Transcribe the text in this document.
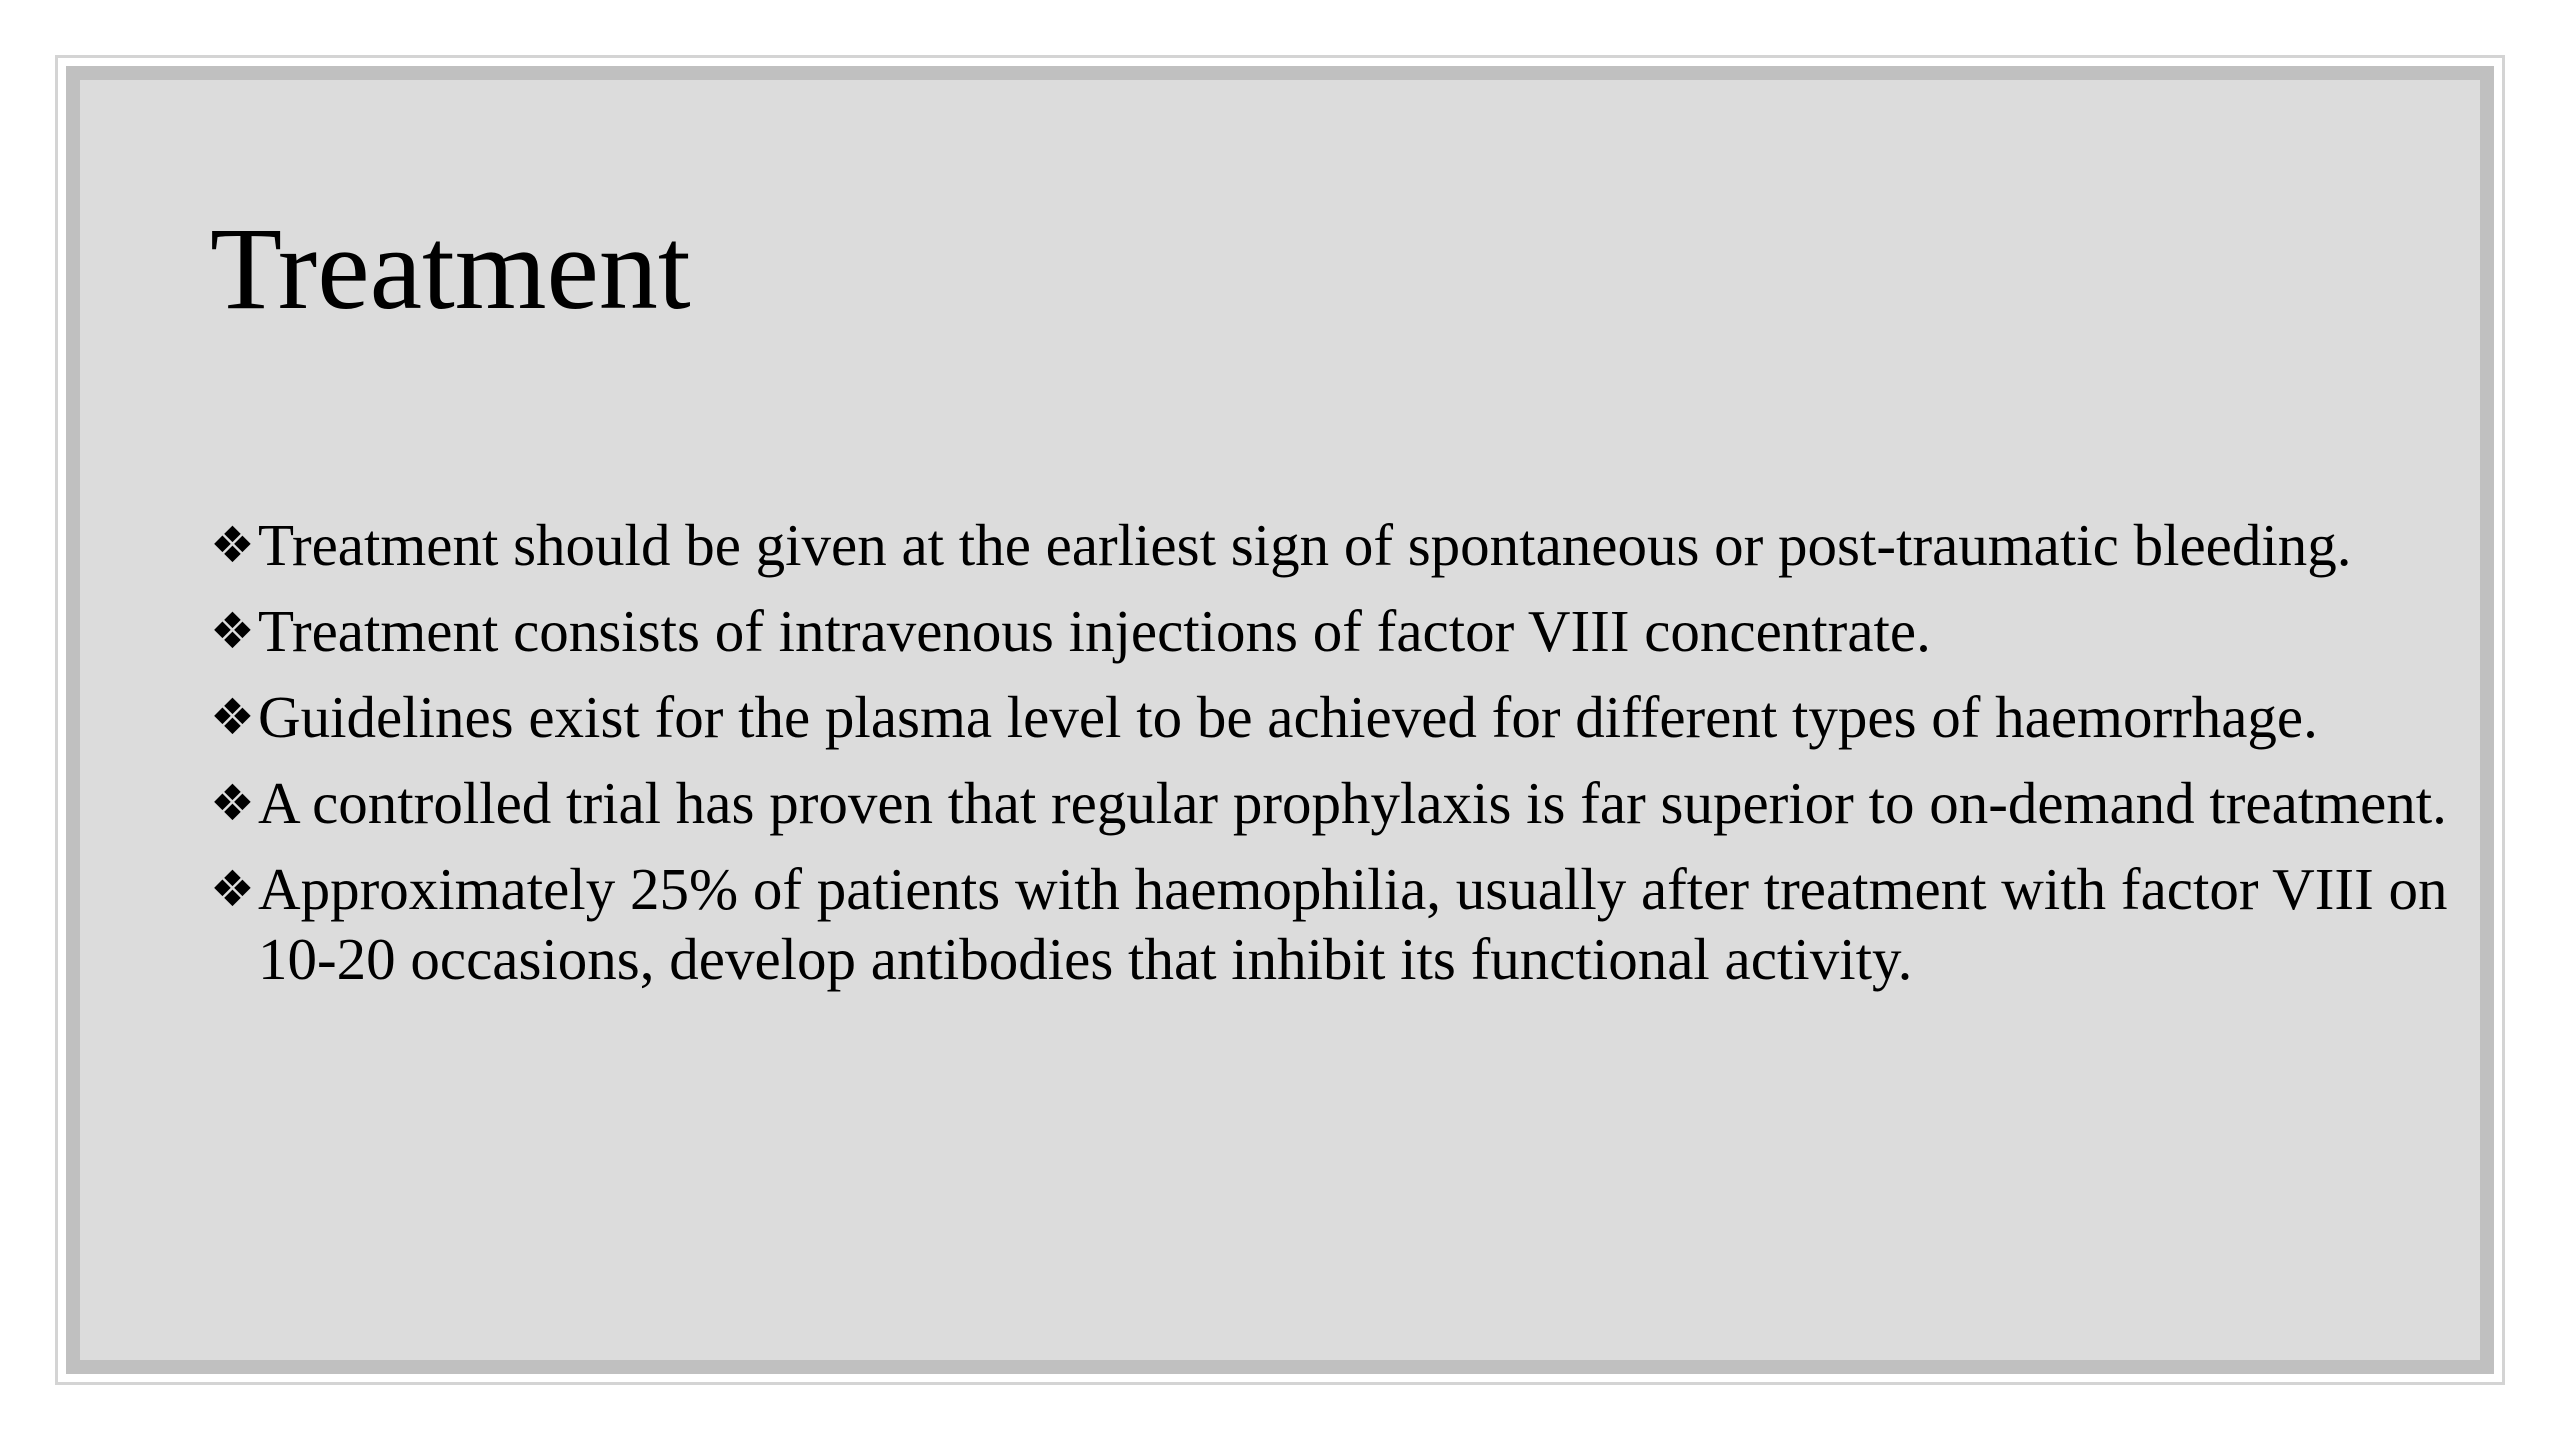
Treatment
❖ Treatment should be given at the earliest sign of spontaneous or post-traumatic bleeding.
❖ Treatment consists of intravenous injections of factor VIII concentrate.
❖ Guidelines exist for the plasma level to be achieved for different types of haemorrhage.
❖ A controlled trial has proven that regular prophylaxis is far superior to on-demand treatment.
❖ Approximately 25% of patients with haemophilia, usually after treatment with factor VIII on 10-20 occasions, develop antibodies that inhibit its functional activity.
